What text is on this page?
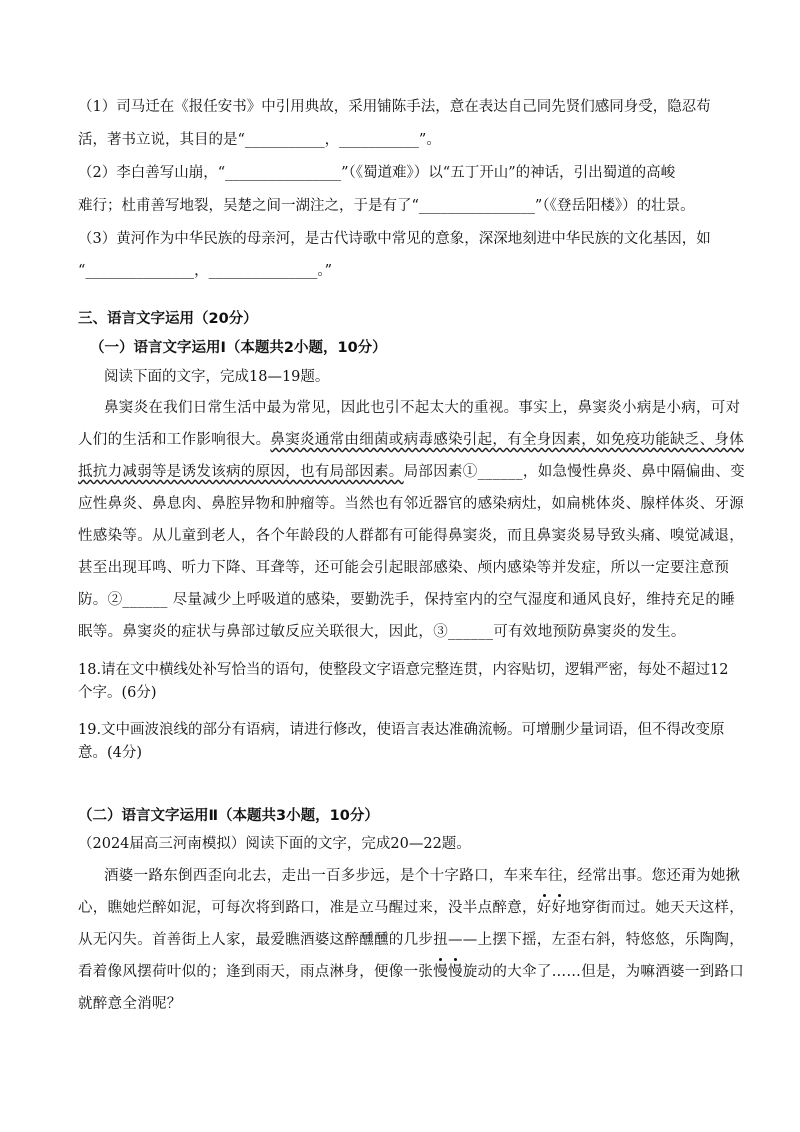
（1）司马迁在《报任安书》中引用典故，采用铺陈手法，意在表达自己同先贤们感同身受，隐忍苟
活，著书立说，其目的是“___________，___________”。
（2）李白善写山崩，“________________”（《蜀道难》）以“五丁开山”的神话，引出蜀道的高峻
难行；杜甫善写地裂，吴楚之间一湖注之，于是有了“________________”（《登岳阳楼》）的壮景。
（3）黄河作为中华民族的母亲河，是古代诗歌中常见的意象，深深地刻进中华民族的文化基因，如
“_______________，_______________。”
三、语言文字运用（20分）
（一）语言文字运用Ⅰ（本题共2小题，10分）
阅读下面的文字，完成18—19题。
鼻窦炎在我们日常生活中最为常见，因此也引不起太大的重视。事实上，鼻窦炎小病是小病，可对
人们的生活和工作影响很大。鼻窦炎通常由细菌或病毒感染引起，有全身因素，如免疫功能缺乏、身体
抵抗力减弱等是诱发该病的原因，也有局部因素。局部因素①______，如急慢性鼻炎、鼻中隔偏曲、变
应性鼻炎、鼻息肉、鼻腔异物和肿瘤等。当然也有邻近器官的感染病灶，如扁桃体炎、腺样体炎、牙源
性感染等。从儿童到老人，各个年龄段的人群都有可能得鼻窦炎，而且鼻窦炎易导致头痛、嗅觉减退，
甚至出现耳鸣、听力下降、耳聋等，还可能会引起眼部感染、颅内感染等并发症，所以一定要注意预
防。②______ 尽量减少上呼吸道的感染，要勤洗手，保持室内的空气湿度和通风良好，维持充足的睡
眠等。鼻窦炎的症状与鼻部过敏反应关联很大，因此，③______可有效地预防鼻窦炎的发生。
18.请在文中横线处补写恰当的语句，使整段文字语意完整连贯，内容贴切，逻辑严密，每处不超过12
个字。(6分)
19.文中画波浪线的部分有语病，请进行修改，使语言表达准确流畅。可增删少量词语，但不得改变原
意。(4分)
（二）语言文字运用Ⅱ（本题共3小题，10分）
（2024届高三河南模拟）阅读下面的文字，完成20—22题。
酒婆一路东倒西歪向北去，走出一百多步远，是个十字路口，车来车往，经常出事。您还甭为她揪
心，瞧她烂醉如泥，可每次将到路口，准是立马醒过来，没半点醉意，好好地穿街而过。她天天这样，
从无闪失。首善街上人家，最爱瞧酒婆这醉醺醺的几步扭——上摆下摇，左歪右斜，特悠悠，乐陶陶，
看着像风摆荷叶似的；逢到雨天，雨点淋身，便像一张慢慢旋动的大伞了……但是，为嘛酒婆一到路口
就醉意全消呢？
